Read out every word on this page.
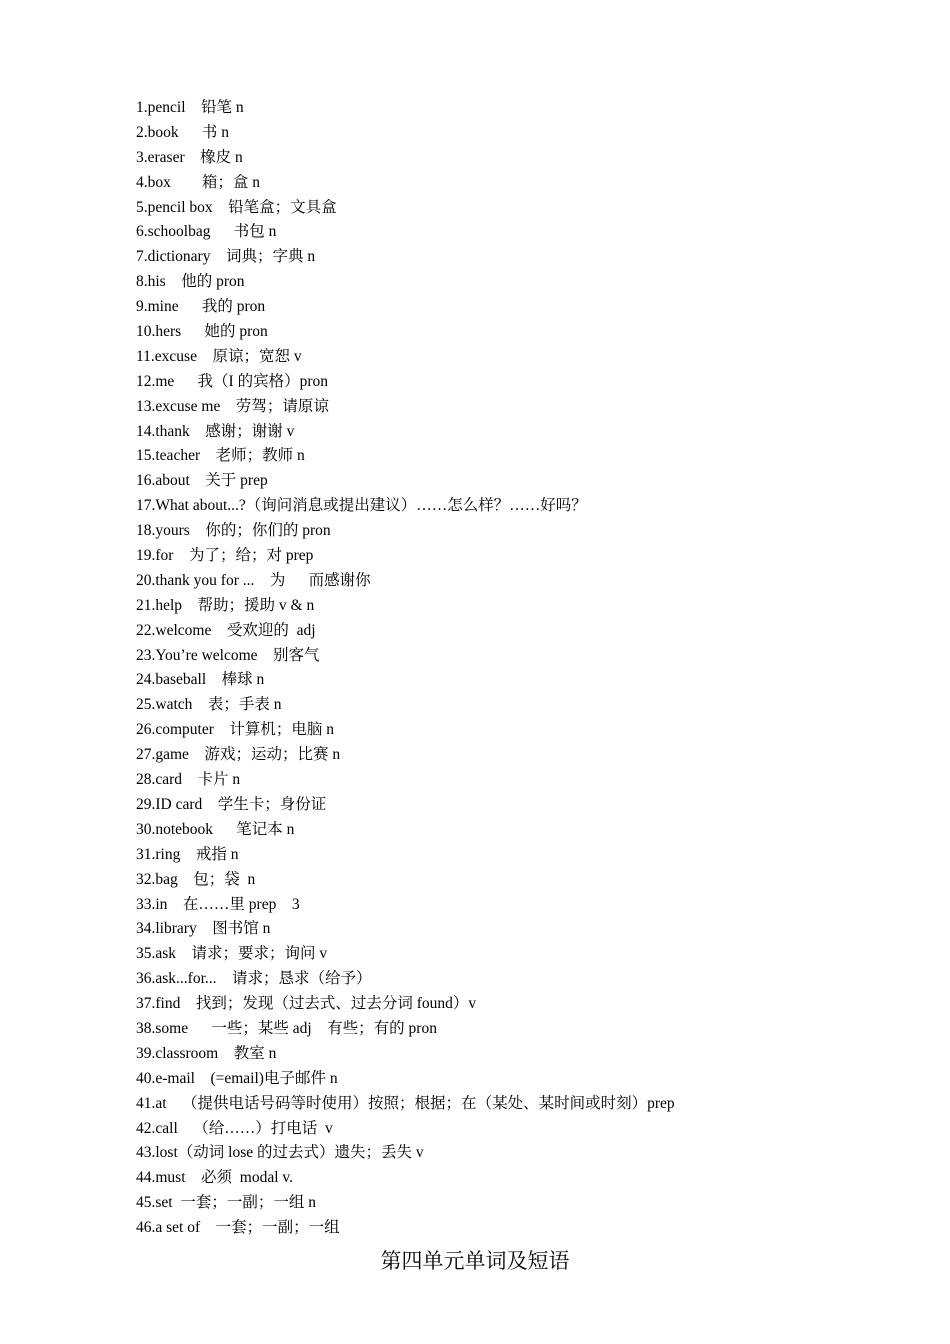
1.pencil    铅笔 n
2.book      书 n
3.eraser    橡皮 n
4.box        箱；盒 n
5.pencil box    铅笔盒；文具盒
6.schoolbag      书包 n
7.dictionary    词典；字典 n
8.his    他的 pron
9.mine      我的 pron
10.hers      她的 pron
11.excuse    原谅；宽恕 v
12.me      我（I 的宾格）pron
13.excuse me    劳驾；请原谅
14.thank    感谢；谢谢 v
15.teacher    老师；教师 n
16.about    关于 prep
17.What about...?（询问消息或提出建议）……怎么样？……好吗？
18.yours    你的；你们的 pron
19.for    为了；给；对 prep
20.thank you for ...    为      而感谢你
21.help    帮助；援助 v & n
22.welcome    受欢迎的  adj
23.You’re welcome    别客气
24.baseball    棒球 n
25.watch    表；手表 n
26.computer    计算机；电脑 n
27.game    游戏；运动；比赛 n
28.card    卡片 n
29.ID card    学生卡；身份证
30.notebook      笔记本 n
31.ring    戒指 n
32.bag    包；袋  n
33.in    在……里 prep    3
34.library    图书馆 n
35.ask    请求；要求；询问 v
36.ask...for...    请求；恳求（给予）
37.find    找到；发现（过去式、过去分词 found）v
38.some      一些；某些 adj    有些；有的 pron
39.classroom    教室 n
40.e-mail    (=email)电子邮件 n
41.at    （提供电话号码等时使用）按照；根据；在（某处、某时间或时刻）prep
42.call    （给……）打电话  v
43.lost（动词 lose 的过去式）遗失；丢失 v
44.must    必须  modal v.
45.set  一套；一副；一组 n
46.a set of    一套；一副；一组
第四单元单词及短语
